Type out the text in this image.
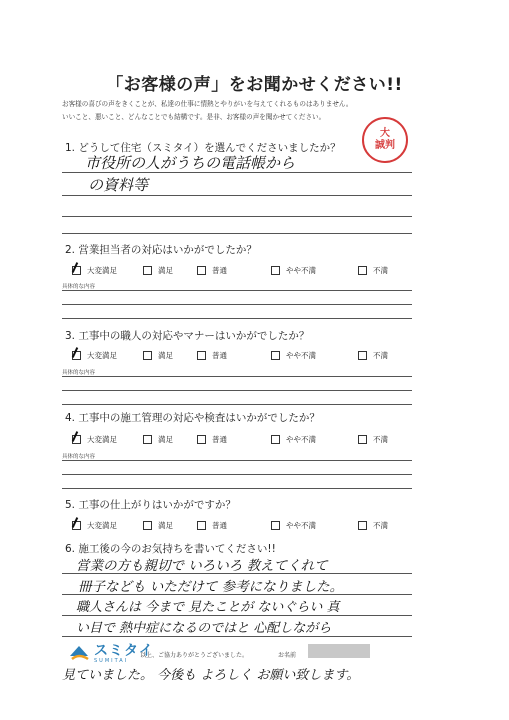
「お客様の声」をお聞かせください!!
お客様の喜びの声をきくことが、私達の仕事に情熱とやりがいを与えてくれるものはありません。
いいこと、悪いこと、どんなことでも結構です。是非、お客様の声を聞かせてください。
大
誠判
1. どうして住宅（スミタイ）を選んでくださいましたか？
市役所の人がうちの電話帳から
の資料等
2. 営業担当者の対応はいかがでしたか？
大変満足	満足	普通	やや不満	不満
具体的な内容
3. 工事中の職人の対応やマナーはいかがでしたか？
大変満足	満足	普通	やや不満	不満
具体的な内容
4. 工事中の施工管理の対応や検査はいかがでしたか？
大変満足	満足	普通	やや不満	不満
具体的な内容
5. 工事の仕上がりはいかがですか？
大変満足	満足	普通	やや不満	不満
6. 施工後の今のお気持ちを書いてください!!
営業の方も親切で いろいろ 教えてくれて
冊子なども いただけて 参考になりました。
職人さんは 今まで 見たことが ないぐらい 真
い目で 熱中症になるのではと 心配しながら
スミタイ
SUMITAI
以上、ご協力ありがとうございました。	お名前
見ていました。 今後も よろしく お願い致します。
